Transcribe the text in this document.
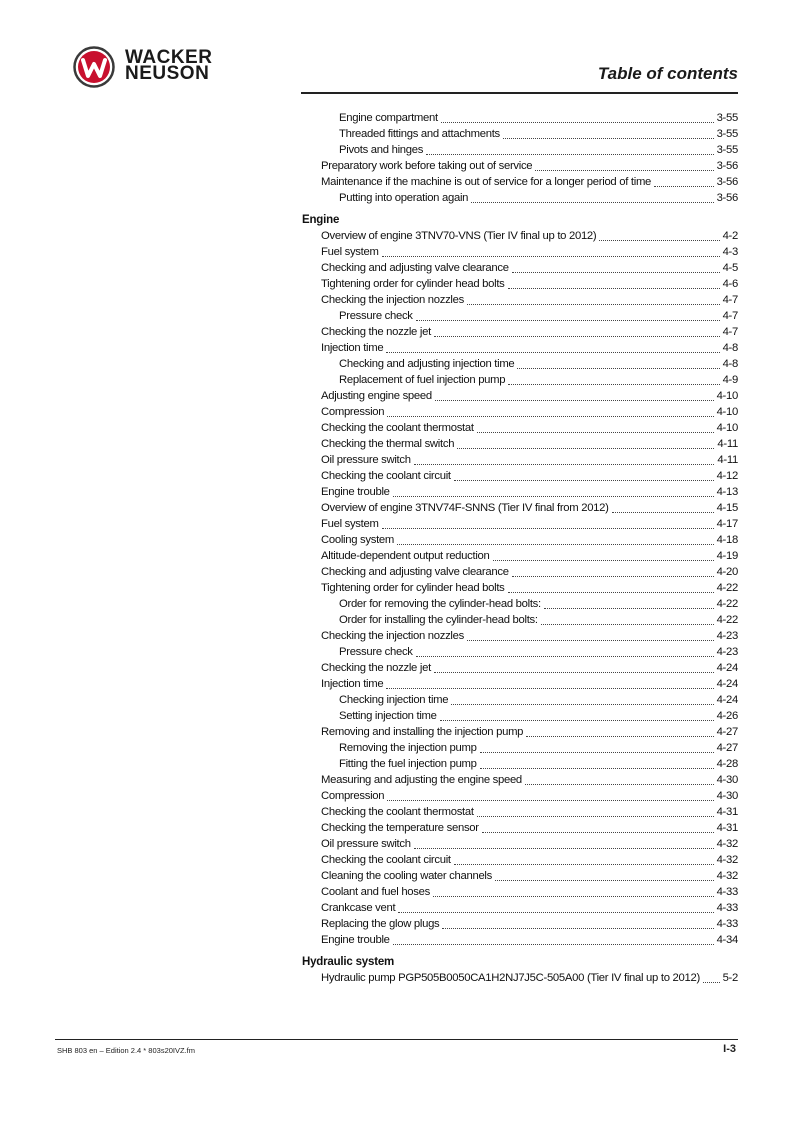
WACKER
NEUSON	Table of contents
Engine compartment	3-55
Threaded fittings and attachments	3-55
Pivots and hinges	3-55
Preparatory work before taking out of service	3-56
Maintenance if the machine is out of service for a longer period of time	3-56
Putting into operation again	3-56
Engine
Overview of engine 3TNV70-VNS (Tier IV final up to 2012)	4-2
Fuel system	4-3
Checking and adjusting valve clearance	4-5
Tightening order for cylinder head bolts	4-6
Checking the injection nozzles	4-7
Pressure check	4-7
Checking the nozzle jet	4-7
Injection time	4-8
Checking and adjusting injection time	4-8
Replacement of fuel injection pump	4-9
Adjusting engine speed	4-10
Compression	4-10
Checking the coolant thermostat	4-10
Checking the thermal switch	4-11
Oil pressure switch	4-11
Checking the coolant circuit	4-12
Engine trouble	4-13
Overview of engine 3TNV74F-SNNS (Tier IV final from 2012)	4-15
Fuel system	4-17
Cooling system	4-18
Altitude-dependent output reduction	4-19
Checking and adjusting valve clearance	4-20
Tightening order for cylinder head bolts	4-22
Order for removing the cylinder-head bolts:	4-22
Order for installing the cylinder-head bolts:	4-22
Checking the injection nozzles	4-23
Pressure check	4-23
Checking the nozzle jet	4-24
Injection time	4-24
Checking injection time	4-24
Setting injection time	4-26
Removing and installing the injection pump	4-27
Removing the injection pump	4-27
Fitting the fuel injection pump	4-28
Measuring and adjusting the engine speed	4-30
Compression	4-30
Checking the coolant thermostat	4-31
Checking the temperature sensor	4-31
Oil pressure switch	4-32
Checking the coolant circuit	4-32
Cleaning the cooling water channels	4-32
Coolant and fuel hoses	4-33
Crankcase vent	4-33
Replacing the glow plugs	4-33
Engine trouble	4-34
Hydraulic system
Hydraulic pump PGP505B0050CA1H2NJ7J5C-505A00 (Tier IV final up to 2012) 5-2
SHB 803 en – Edition 2.4 * 803s20IVZ.fm	I-3
